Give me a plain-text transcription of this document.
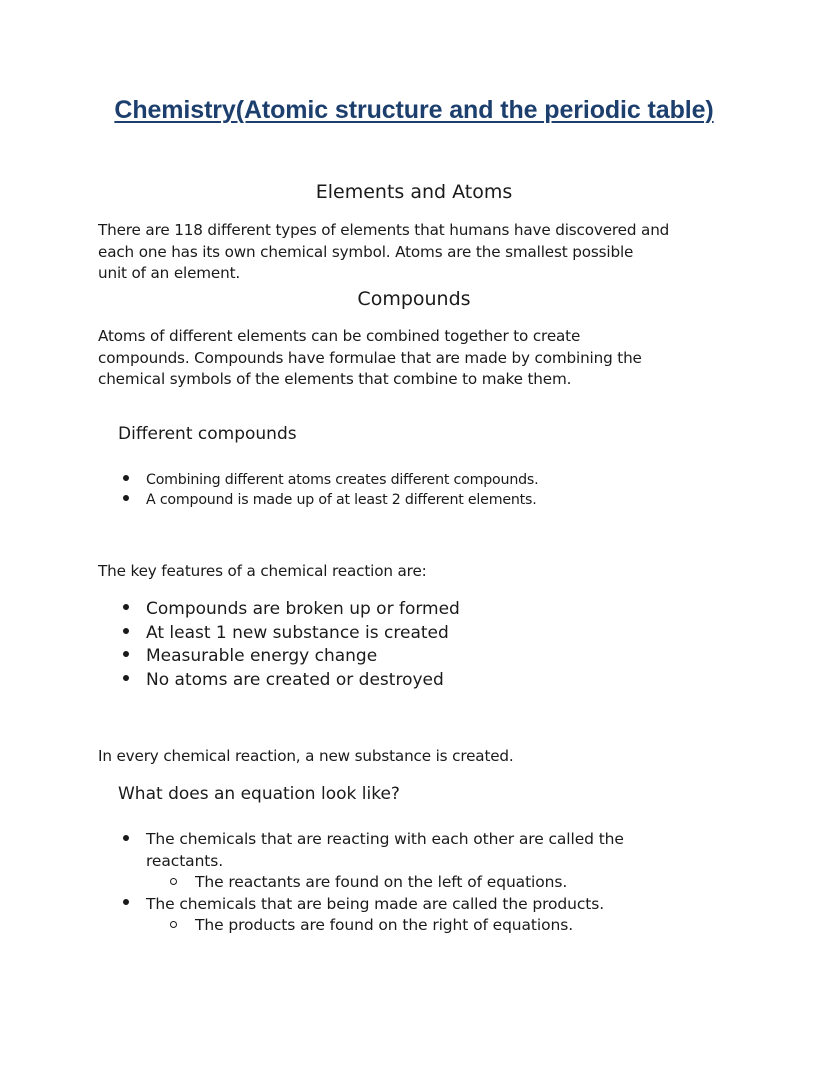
Chemistry(Atomic structure and the periodic table)
Elements and Atoms
There are 118 different types of elements that humans have discovered and
each one has its own chemical symbol. Atoms are the smallest possible
unit of an element.
Compounds
Atoms of different elements can be combined together to create
compounds. Compounds have formulae that are made by combining the
chemical symbols of the elements that combine to make them.
Different compounds
Combining different atoms creates different compounds.
A compound is made up of at least 2 different elements.
The key features of a chemical reaction are:
Compounds are broken up or formed
At least 1 new substance is created
Measurable energy change
No atoms are created or destroyed
In every chemical reaction, a new substance is created.
What does an equation look like?
The chemicals that are reacting with each other are called the
reactants.
The reactants are found on the left of equations.
The chemicals that are being made are called the products.
The products are found on the right of equations.
